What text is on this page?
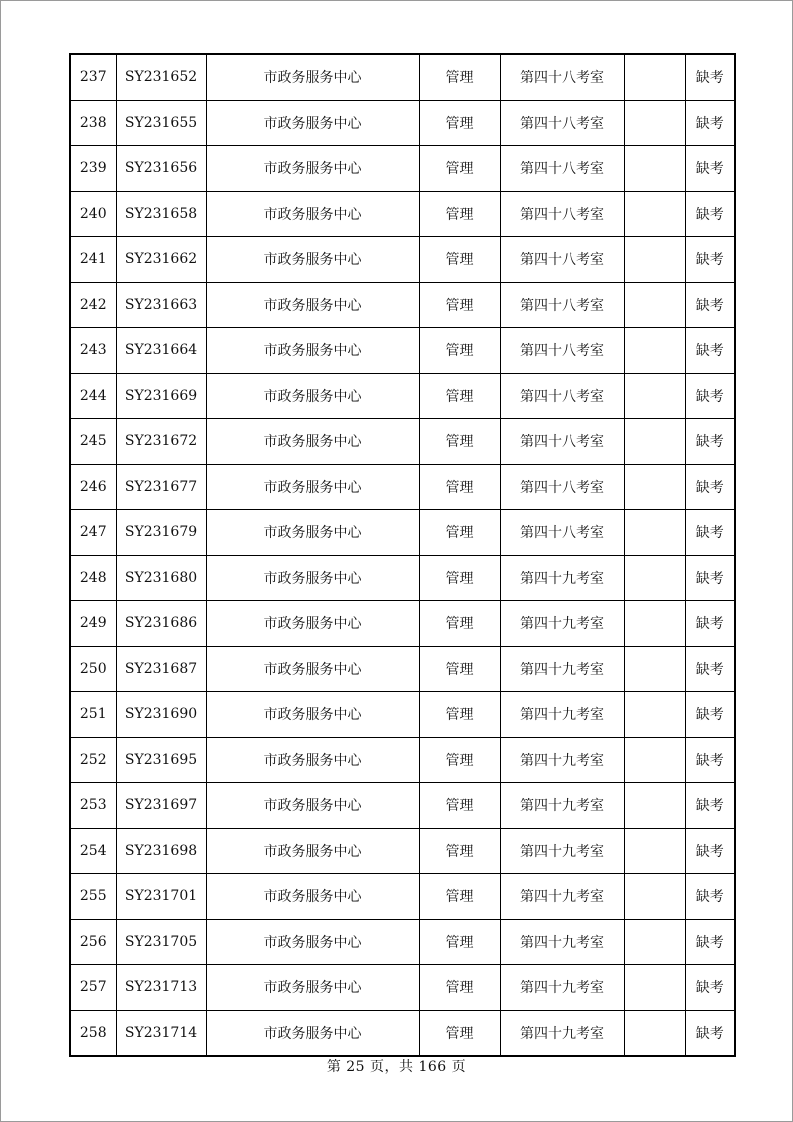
237	SY231652	市政务服务中心	管理	第四十八考室		缺考
238	SY231655	市政务服务中心	管理	第四十八考室		缺考
239	SY231656	市政务服务中心	管理	第四十八考室		缺考
240	SY231658	市政务服务中心	管理	第四十八考室		缺考
241	SY231662	市政务服务中心	管理	第四十八考室		缺考
242	SY231663	市政务服务中心	管理	第四十八考室		缺考
243	SY231664	市政务服务中心	管理	第四十八考室		缺考
244	SY231669	市政务服务中心	管理	第四十八考室		缺考
245	SY231672	市政务服务中心	管理	第四十八考室		缺考
246	SY231677	市政务服务中心	管理	第四十八考室		缺考
247	SY231679	市政务服务中心	管理	第四十八考室		缺考
248	SY231680	市政务服务中心	管理	第四十九考室		缺考
249	SY231686	市政务服务中心	管理	第四十九考室		缺考
250	SY231687	市政务服务中心	管理	第四十九考室		缺考
251	SY231690	市政务服务中心	管理	第四十九考室		缺考
252	SY231695	市政务服务中心	管理	第四十九考室		缺考
253	SY231697	市政务服务中心	管理	第四十九考室		缺考
254	SY231698	市政务服务中心	管理	第四十九考室		缺考
255	SY231701	市政务服务中心	管理	第四十九考室		缺考
256	SY231705	市政务服务中心	管理	第四十九考室		缺考
257	SY231713	市政务服务中心	管理	第四十九考室		缺考
258	SY231714	市政务服务中心	管理	第四十九考室		缺考
第 25 页，共 166 页
